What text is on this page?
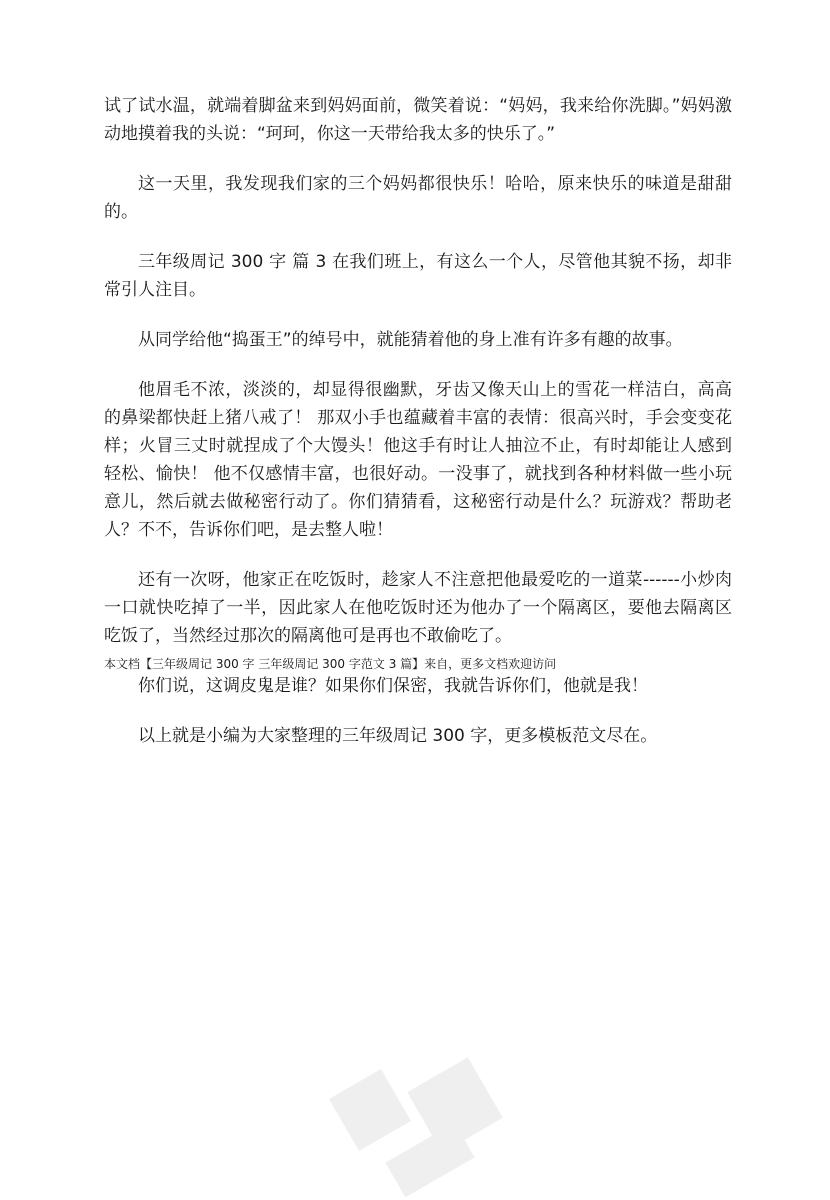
试了试水温，就端着脚盆来到妈妈面前，微笑着说：“妈妈，我来给你洗脚。”妈妈激动地摸着我的头说：“珂珂，你这一天带给我太多的快乐了。”

这一天里，我发现我们家的三个妈妈都很快乐！哈哈，原来快乐的味道是甜甜的。

三年级周记 300 字 篇 3 在我们班上，有这么一个人，尽管他其貌不扬，却非常引人注目。

从同学给他“捣蛋王”的绰号中，就能猜着他的身上准有许多有趣的故事。

他眉毛不浓，淡淡的，却显得很幽默，牙齿又像天山上的雪花一样洁白，高高的鼻梁都快赶上猪八戒了！ 那双小手也蕴藏着丰富的表情：很高兴时，手会变变花样；火冒三丈时就捏成了个大馒头！他这手有时让人抽泣不止，有时却能让人感到轻松、愉快！ 他不仅感情丰富，也很好动。一没事了，就找到各种材料做一些小玩意儿，然后就去做秘密行动了。你们猜猜看，这秘密行动是什么？玩游戏？帮助老人？不不，告诉你们吧，是去整人啦！

还有一次呀，他家正在吃饭时，趁家人不注意把他最爱吃的一道菜------小炒肉一口就快吃掉了一半，因此家人在他吃饭时还为他办了一个隔离区，要他去隔离区吃饭了，当然经过那次的隔离他可是再也不敢偷吃了。

你们说，这调皮鬼是谁？如果你们保密，我就告诉你们，他就是我！

以上就是小编为大家整理的三年级周记 300 字，更多模板范文尽在。

本文档【三年级周记 300 字 三年级周记 300 字范文 3 篇】来自，更多文档欢迎访问
